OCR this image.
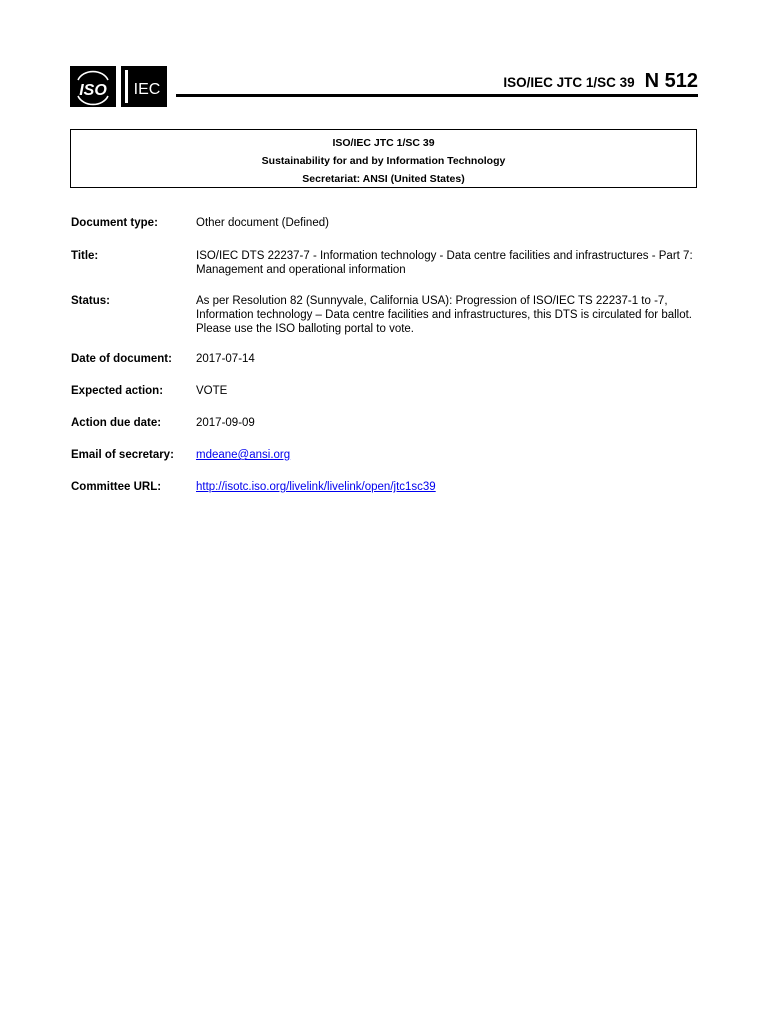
ISO IEC	ISO/IEC JTC 1/SC 39 N 512
ISO/IEC JTC 1/SC 39
Sustainability for and by Information Technology
Secretariat: ANSI (United States)
Document type:	Other document (Defined)
Title:	ISO/IEC DTS 22237-7 - Information technology - Data centre facilities and infrastructures - Part 7:
Management and operational information
Status:	As per Resolution 82 (Sunnyvale, California USA): Progression of ISO/IEC TS 22237-1 to -7,
Information technology – Data centre facilities and infrastructures, this DTS is circulated for ballot.
Please use the ISO balloting portal to vote.
Date of document: 2017-07-14
Expected action:	VOTE
Action due date:	2017-09-09
Email of secretary: mdeane@ansi.org
Committee URL:	http://isotc.iso.org/livelink/livelink/open/jtc1sc39
